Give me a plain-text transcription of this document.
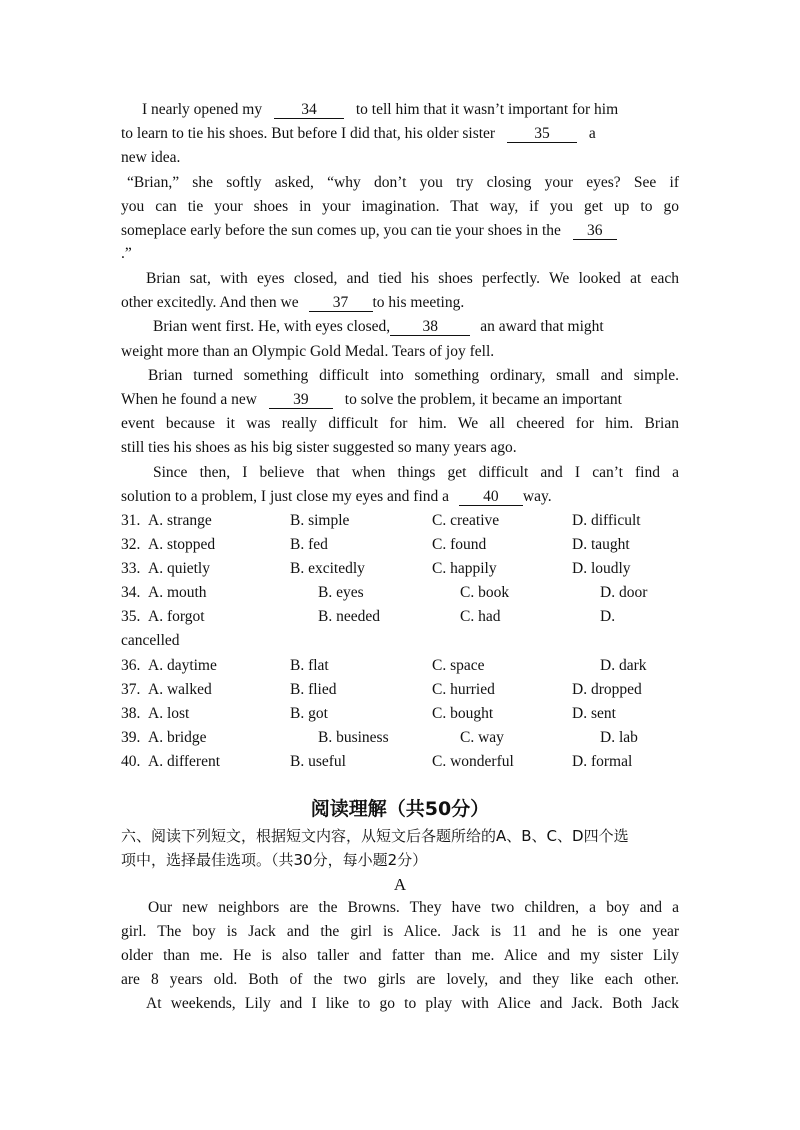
I nearly opened my	34	to tell him that it wasn’t important for him
to learn to tie his shoes. But before I did that, his older sister	35	a
new idea.
“Brian,” she softly asked, “why don’t you try closing your eyes? See if
you can tie your shoes in your imagination. That way, if you get up to go
someplace early before the sun comes up, you can tie your shoes in the 36
.”
Brian sat, with eyes closed, and tied his shoes perfectly. We looked at each
other excitedly. And then we 37 to his meeting.
Brian went first. He, with eyes closed, 38	an award that might
weight more than an Olympic Gold Medal. Tears of joy fell.
Brian turned something difficult into something ordinary, small and simple.
When he found a new 39 to solve the problem, it became an important
event because it was really difficult for him. We all cheered for him. Brian
still ties his shoes as his big sister suggested so many years ago.
Since then, I believe that when things get difficult and I can’t find a
solution to a problem, I just close my eyes and find a 40 way.
31. A. strange	B. simple	C. creative	D. difficult
32. A. stopped	B. fed	C. found	D. taught
33. A. quietly	B. excitedly	C. happily	D. loudly
34. A. mouth	B. eyes	C. book	D. door
35. A. forgot	B. needed	C. had	D.
cancelled
36. A. daytime	B. flat	C. space	D. dark
37. A. walked	B. flied	C. hurried	D. dropped
38. A. lost	B. got	C. bought	D. sent
39. A. bridge	B. business	C. way	D. lab
40. A. different	B. useful	C. wonderful	D. formal
阅读理解（共50分）
六、阅读下列短文，根据短文内容，从短文后各题所给的A、B、C、D四个选
项中，选择最佳选项。（共30分，每小题2分）
A
Our new neighbors are the Browns. They have two children, a boy and a
girl. The boy is Jack and the girl is Alice. Jack is 11 and he is one year
older than me. He is also taller and fatter than me. Alice and my sister Lily
are 8 years old. Both of the two girls are lovely, and they like each other.
At weekends, Lily and I like to go to play with Alice and Jack. Both Jack
